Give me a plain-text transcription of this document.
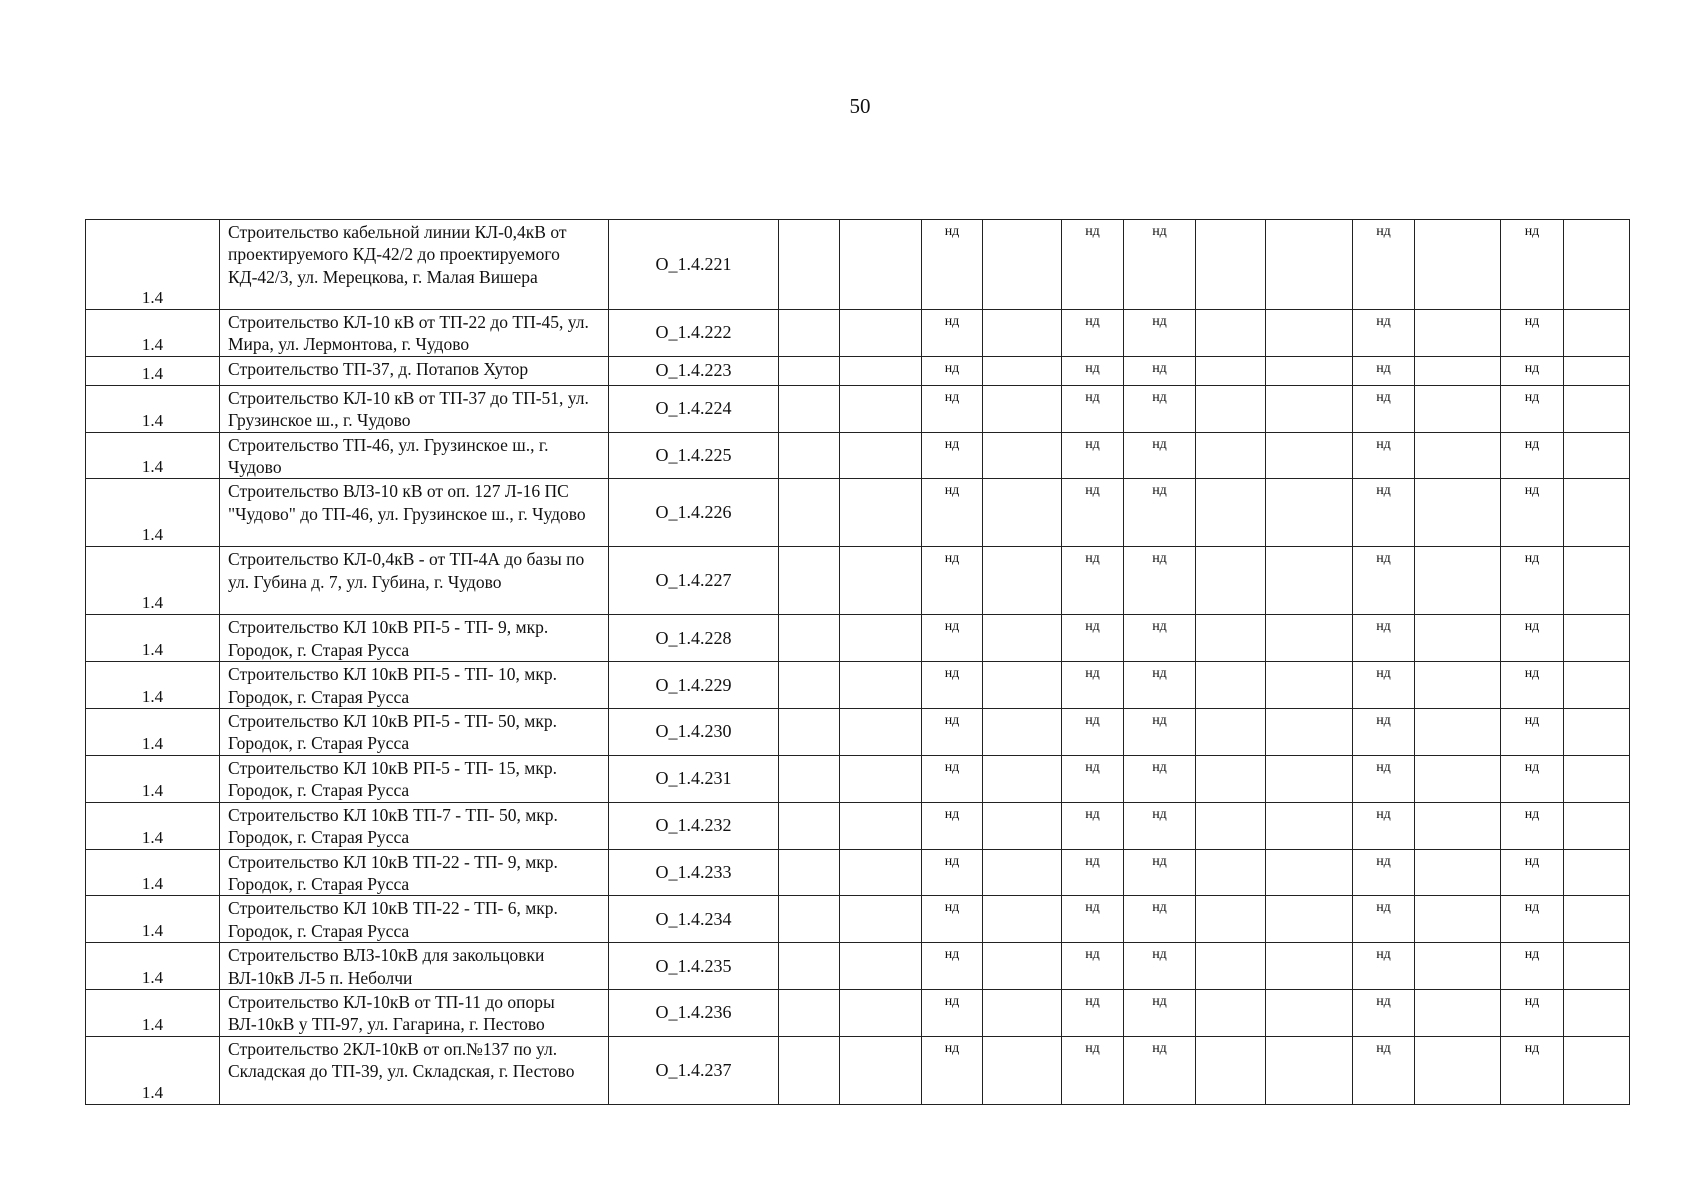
50
1.4	Строительство кабельной линии КЛ-0,4кВ от проектируемого КД-42/2 до проектируемого КД-42/3, ул. Мерецкова, г. Малая Вишера	О_1.4.221			нд		нд	нд			нд		нд	
1.4	Строительство КЛ-10 кВ от ТП-22 до ТП-45, ул. Мира, ул. Лермонтова, г. Чудово	О_1.4.222			нд		нд	нд			нд		нд	
1.4	Строительство ТП-37, д. Потапов Хутор	О_1.4.223			нд		нд	нд			нд		нд	
1.4	Строительство КЛ-10 кВ от ТП-37 до ТП-51, ул. Грузинское ш., г. Чудово	О_1.4.224			нд		нд	нд			нд		нд	
1.4	Строительство ТП-46, ул. Грузинское ш., г. Чудово	О_1.4.225			нд		нд	нд			нд		нд	
1.4	Строительство ВЛЗ-10 кВ от оп. 127 Л-16 ПС "Чудово" до ТП-46, ул. Грузинское ш., г. Чудово	О_1.4.226			нд		нд	нд			нд		нд	
1.4	Строительство КЛ-0,4кВ - от ТП-4А до базы по ул. Губина д. 7, ул. Губина, г. Чудово	О_1.4.227			нд		нд	нд			нд		нд	
1.4	Строительство КЛ 10кВ РП-5 - ТП- 9, мкр. Городок, г. Старая Русса	О_1.4.228			нд		нд	нд			нд		нд	
1.4	Строительство КЛ 10кВ РП-5 - ТП- 10, мкр. Городок, г. Старая Русса	О_1.4.229			нд		нд	нд			нд		нд	
1.4	Строительство КЛ 10кВ РП-5 - ТП- 50, мкр. Городок, г. Старая Русса	О_1.4.230			нд		нд	нд			нд		нд	
1.4	Строительство КЛ 10кВ РП-5 - ТП- 15, мкр. Городок, г. Старая Русса	О_1.4.231			нд		нд	нд			нд		нд	
1.4	Строительство КЛ 10кВ ТП-7 - ТП- 50, мкр. Городок, г. Старая Русса	О_1.4.232			нд		нд	нд			нд		нд	
1.4	Строительство КЛ 10кВ ТП-22 - ТП- 9, мкр. Городок, г. Старая Русса	О_1.4.233			нд		нд	нд			нд		нд	
1.4	Строительство КЛ 10кВ ТП-22 - ТП- 6, мкр. Городок, г. Старая Русса	О_1.4.234			нд		нд	нд			нд		нд	
1.4	Строительство ВЛЗ-10кВ для закольцовки ВЛ-10кВ Л-5 п. Неболчи	О_1.4.235			нд		нд	нд			нд		нд	
1.4	Строительство КЛ-10кВ от ТП-11 до опоры ВЛ-10кВ у ТП-97, ул. Гагарина, г. Пестово	О_1.4.236			нд		нд	нд			нд		нд	
1.4	Строительство 2КЛ-10кВ от оп.№137 по ул. Складская до ТП-39, ул. Складская, г. Пестово	О_1.4.237			нд		нд	нд			нд		нд	
